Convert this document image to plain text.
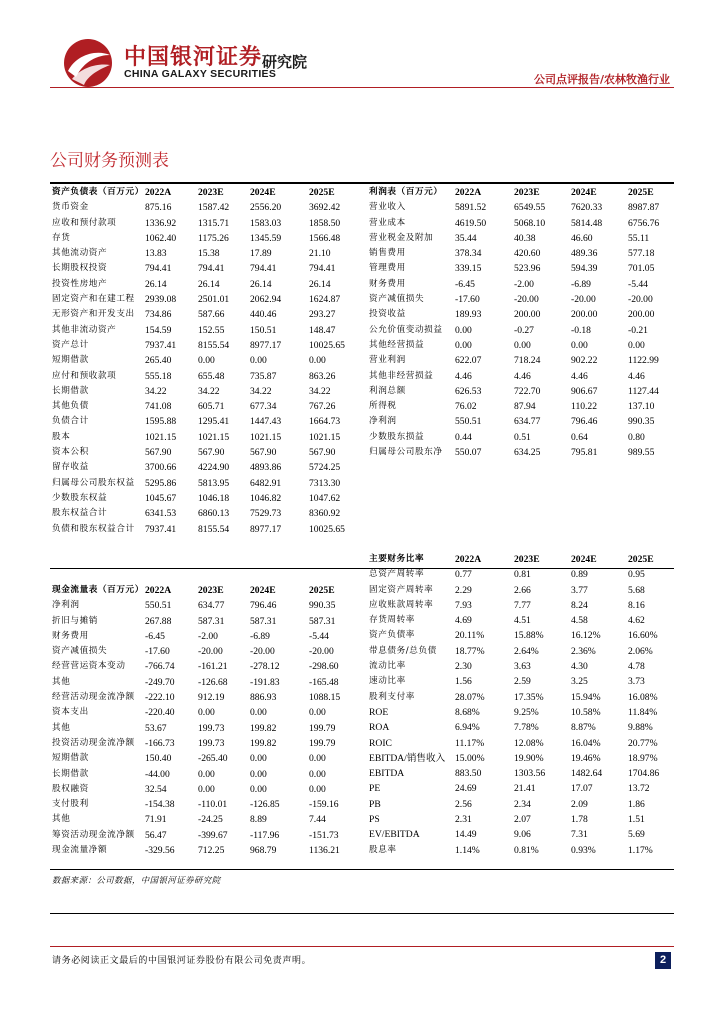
中国银河证券
CHINA GALAXY SECURITIES
研究院
公司点评报告/农林牧渔行业
公司财务预测表
资产负债表（百万元） 2022A	2023E	2024E	2025E
货币资金	875.16	1587.42 2556.20	3692.42
应收和预付款项	1336.92 1315.71 1583.03	1858.50
存货	1062.40 1175.26 1345.59	1566.48
其他流动资产	13.83	15.38	17.89	21.10
长期股权投资	794.41	794.41	794.41	794.41
投资性房地产	26.14	26.14	26.14	26.14
固定资产和在建工程 2939.08 2501.01 2062.94	1624.87
无形资产和开发支出 734.86	587.66	440.46	293.27
其他非流动资产	154.59	152.55	150.51	148.47
资产总计	7937.41 8155.54 8977.17	10025.65
短期借款	265.40	0.00	0.00	0.00
应付和预收款项	555.18	655.48	735.87	863.26
长期借款	34.22	34.22	34.22	34.22
其他负债	741.08	605.71	677.34	767.26
负债合计	1595.88 1295.41 1447.43	1664.73
股本	1021.15 1021.15 1021.15	1021.15
资本公积	567.90	567.90	567.90	567.90
留存收益	3700.66 4224.90 4893.86	5724.25
归属母公司股东权益 5295.86 5813.95 6482.91	7313.30
少数股东权益	1045.67 1046.18 1046.82	1047.62
股东权益合计	6341.53 6860.13 7529.73	8360.92
负债和股东权益合计 7937.41 8155.54 8977.17	10025.65
利润表（百万元） 2022A	2023E	2024E	2025E
营业收入	5891.52	6549.55	7620.33	8987.87
营业成本	4619.50	5068.10	5814.48	6756.76
营业税金及附加 35.44	40.38	46.60	55.11
销售费用	378.34	420.60	489.36	577.18
管理费用	339.15	523.96	594.39	701.05
财务费用	-6.45	-2.00	-6.89	-5.44
资产减值损失	-17.60	-20.00	-20.00	-20.00
投资收益	189.93	200.00	200.00	200.00
公允价值变动损益 0.00	-0.27	-0.18	-0.21
其他经营损益	0.00	0.00	0.00	0.00
营业利润	622.07	718.24	902.22	1122.99
其他非经营损益 4.46	4.46	4.46	4.46
利润总额	626.53	722.70	906.67	1127.44
所得税	76.02	87.94	110.22	137.10
净利润	550.51	634.77	796.46	990.35
少数股东损益	0.44	0.51	0.64	0.80
归属母公司股东净 550.07	634.25	795.81	989.55
现金流量表（百万元） 2022A	2023E	2024E	2025E
净利润	550.51	634.77	796.46	990.35
折旧与摊销	267.88	587.31	587.31	587.31
财务费用	-6.45	-2.00	-6.89	-5.44
资产减值损失	-17.60	-20.00	-20.00	-20.00
经营营运资本变动 -766.74 -161.21 -278.12	-298.60
其他	-249.70 -126.68 -191.83	-165.48
经营活动现金流净额 -222.10 912.19	886.93	1088.15
资本支出	-220.40 0.00	0.00	0.00
其他	53.67	199.73	199.82	199.79
投资活动现金流净额 -166.73 199.73	199.82	199.79
短期借款	150.40	-265.40 0.00	0.00
长期借款	-44.00	0.00	0.00	0.00
股权融资	32.54	0.00	0.00	0.00
支付股利	-154.38 -110.01 -126.85	-159.16
其他	71.91	-24.25	8.89	7.44
筹资活动现金流净额 56.47	-399.67 -117.96	-151.73
现金流量净额	-329.56 712.25	968.79	1136.21
主要财务比率	2022A	2023E	2024E	2025E
总资产周转率	0.77	0.81	0.89	0.95
固定资产周转率 2.29	2.66	3.77	5.68
应收账款周转率 7.93	7.77	8.24	8.16
存货周转率	4.69	4.51	4.58	4.62
资产负债率	20.11%	15.88%	16.12%	16.60%
带息债务/总负债 18.77%	2.64%	2.36%	2.06%
流动比率	2.30	3.63	4.30	4.78
速动比率	1.56	2.59	3.25	3.73
股利支付率	28.07%	17.35%	15.94%	16.08%
ROE	8.68%	9.25%	10.58%	11.84%
ROA	6.94%	7.78%	8.87%	9.88%
ROIC	11.17%	12.08%	16.04%	20.77%
EBITDA/销售收入 15.00%	19.90%	19.46%	18.97%
EBITDA	883.50	1303.56	1482.64	1704.86
PE	24.69	21.41	17.07	13.72
PB	2.56	2.34	2.09	1.86
PS	2.31	2.07	1.78	1.51
EV/EBITDA	14.49	9.06	7.31	5.69
股息率	1.14%	0.81%	0.93%	1.17%
数据来源：公司数据，中国银河证券研究院
请务必阅读正文最后的中国银河证券股份有限公司免责声明。	2
